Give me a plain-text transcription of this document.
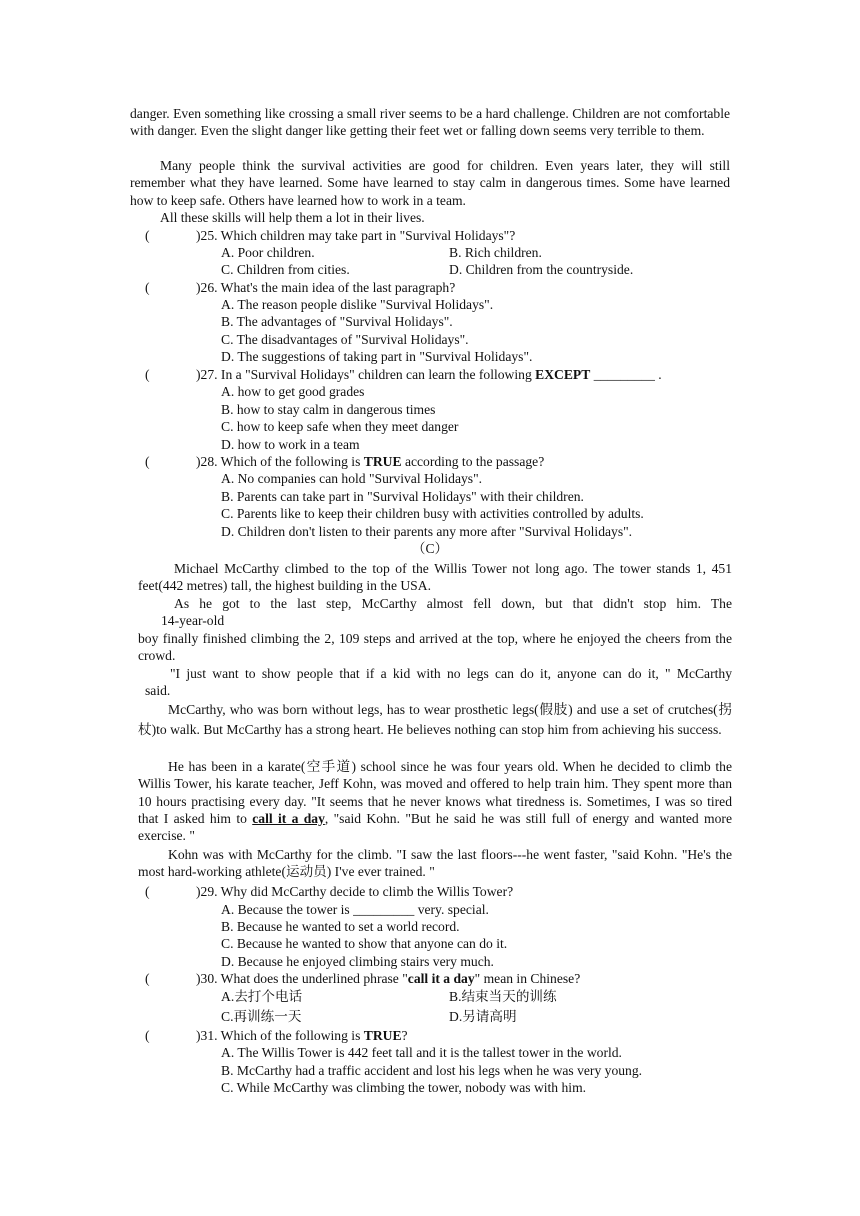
danger. Even something like crossing a small river seems to be a hard challenge. Children are not comfortable with danger. Even the slight danger like getting their feet wet or falling down seems very terrible to them.
Many people think the survival activities are good for children. Even years later, they will still remember what they have learned. Some have learned to stay calm in dangerous times. Some have learned how to keep safe. Others have learned how to work in a team.
All these skills will help them a lot in their lives.
(	)25. Which children may take part in "Survival Holidays"?
A. Poor children.	B. Rich children.
C. Children from cities.	D. Children from the countryside.
(	)26. What's the main idea of the last paragraph?
A. The reason people dislike "Survival Holidays".
B. The advantages of "Survival Holidays".
C. The disadvantages of "Survival Holidays".
D. The suggestions of taking part in "Survival Holidays".
(	)27. In a "Survival Holidays" children can learn the following EXCEPT _________ .
A. how to get good grades
B. how to stay calm in dangerous times
C. how to keep safe when they meet danger
D. how to work in a team
(	)28. Which of the following is TRUE according to the passage?
A. No companies can hold "Survival Holidays".
B. Parents can take part in "Survival Holidays" with their children.
C. Parents like to keep their children busy with activities controlled by adults.
D. Children don't listen to their parents any more after "Survival Holidays".
（C）
Michael McCarthy climbed to the top of the Willis Tower not long ago. The tower stands 1, 451 feet(442 metres) tall, the highest building in the USA.
As he got to the last step, McCarthy almost fell down, but that didn't stop him. The
14-year-old
boy finally finished climbing the 2, 109 steps and arrived at the top, where he enjoyed the cheers from the crowd.
"I just want to show people that if a kid with no legs can do it, anyone can do it, " McCarthy
said.
McCarthy, who was born without legs, has to wear prosthetic legs(假肢) and use a set of crutches(拐杖)to walk. But McCarthy has a strong heart. He believes nothing can stop him from achieving his success.
He has been in a karate(空手道) school since he was four years old. When he decided to climb the Willis Tower, his karate teacher, Jeff Kohn, was moved and offered to help train him. They spent more than 10 hours practising every day. "It seems that he never knows what tiredness is. Sometimes, I was so tired that I asked him to call it a day, "said Kohn. "But he said he was still full of energy and wanted more exercise. "
Kohn was with McCarthy for the climb. "I saw the last floors---he went faster, "said Kohn. "He's the most hard-working athlete(运动员) I've ever trained. "
(	)29. Why did McCarthy decide to climb the Willis Tower?
A. Because the tower is _________ very. special.
B. Because he wanted to set a world record.
C. Because he wanted to show that anyone can do it.
D. Because he enjoyed climbing stairs very much.
(	)30. What does the underlined phrase "call it a day" mean in Chinese?
A.去打个电话	B.结束当天的训练
C.再训练一天	D.另请高明
(	)31. Which of the following is TRUE?
A. The Willis Tower is 442 feet tall and it is the tallest tower in the world.
B. McCarthy had a traffic accident and lost his legs when he was very young.
C. While McCarthy was climbing the tower, nobody was with him.
